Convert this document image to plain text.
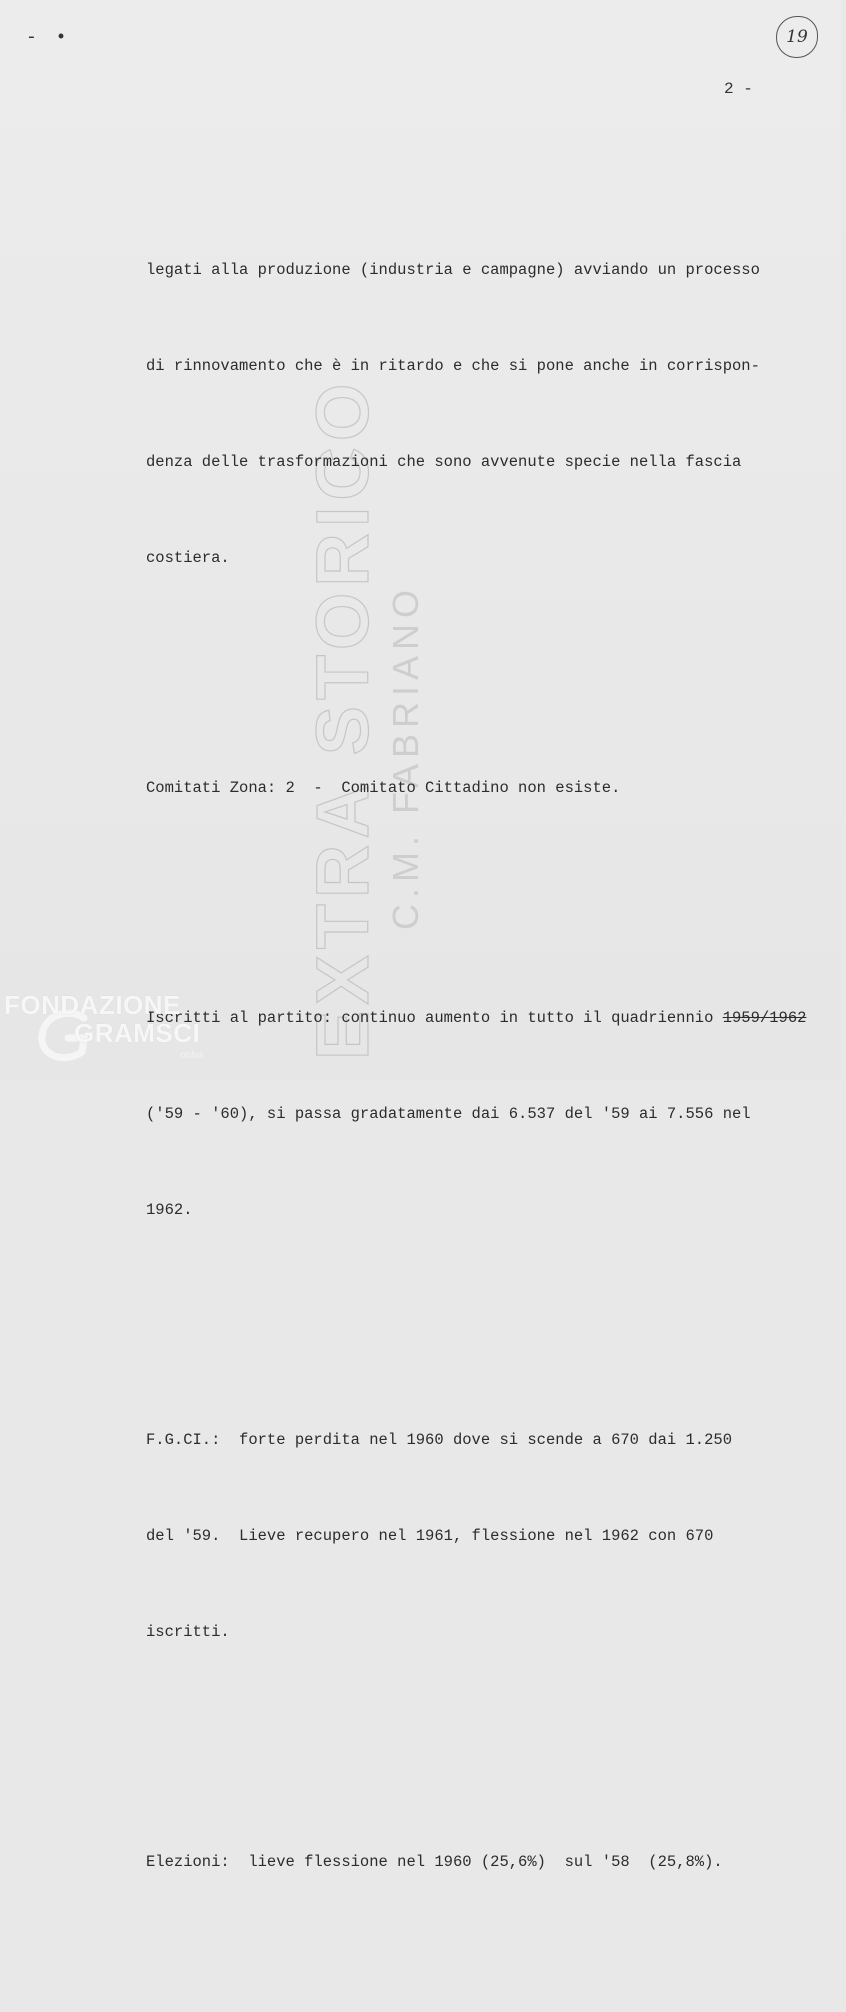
- •	19
2 -
EXTRA STORICO C.M. FABRIANO

legati alla produzione (industria e campagne) avviando un processo

di rinnovamento che è in ritardo e che si pone anche in corrispon-

denza delle trasformazioni che sono avvenute specie nella fascia

costiera.

Comitati Zona: 2  -  Comitato Cittadino non esiste.

Iscritti al partito: continuo aumento in tutto il quadriennio 1959/1962

('59 - '60), si passa gradatamente dai 6.537 del '59 ai 7.556 nel

1962.

F.G.CI.:  forte perdita nel 1960 dove si scende a 670 dai 1.250

del '59.  Lieve recupero nel 1961, flessione nel 1962 con 670

iscritti.

Elezioni:  lieve flessione nel 1960 (25,6%)  sul '58  (25,8%).

FONDAZIONE
GRAMSCI
onlus
